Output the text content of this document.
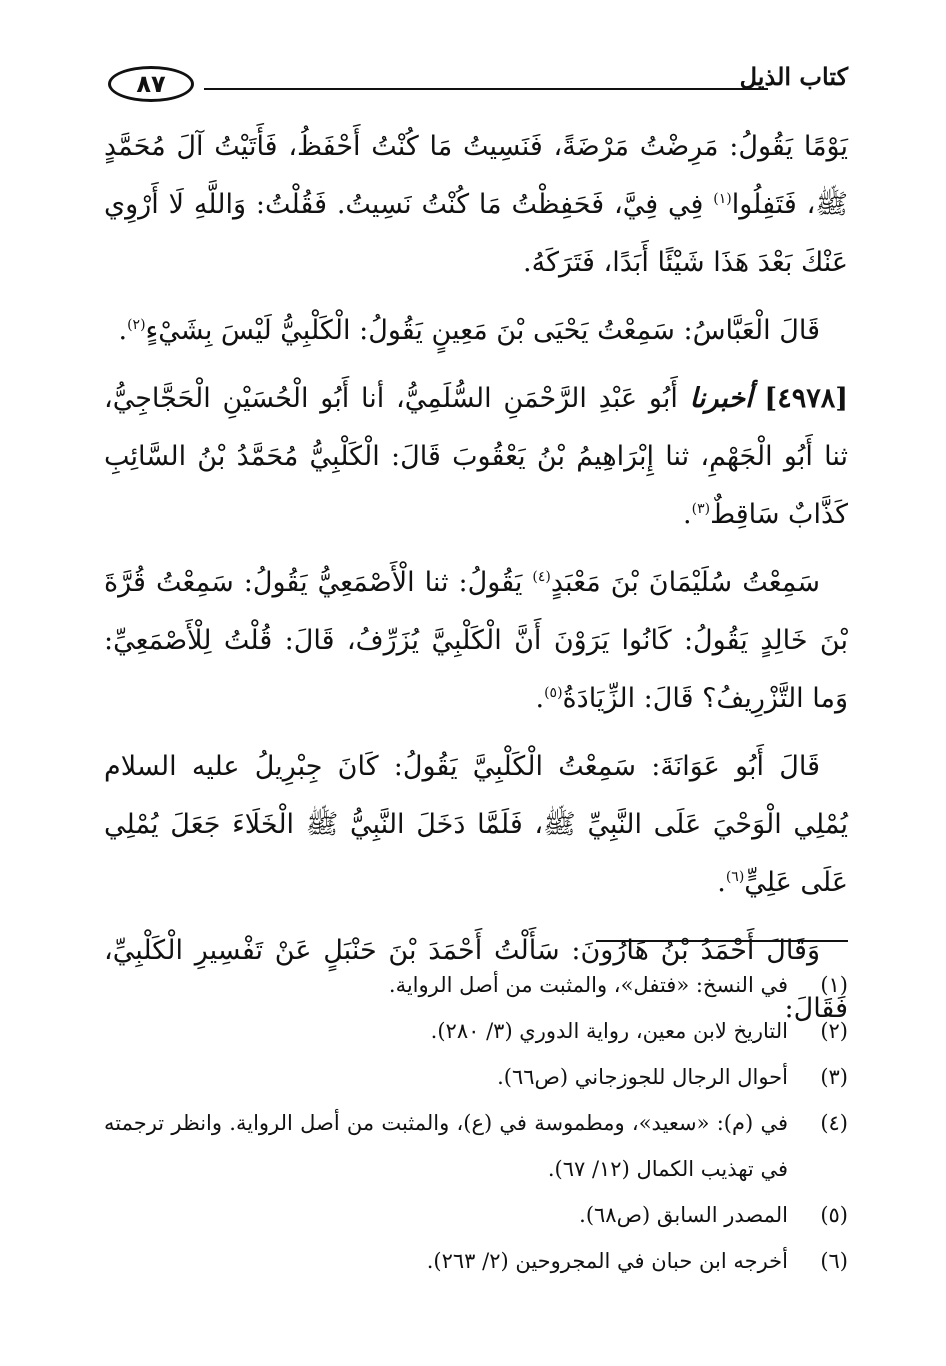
٨٧	كتاب الذيل
يَوْمًا يَقُولُ: مَرِضْتُ مَرْضَةً، فَنَسِيتُ مَا كُنْتُ أَحْفَظُ، فَأَتَيْتُ آلَ مُحَمَّدٍ ﷺ، فَتَفِلُوا$^{(١)}$ فِي فِيَّ، فَحَفِظْتُ مَا كُنْتُ نَسِيتُ. فَقُلْتُ: وَاللَّهِ لَا أَرْوِي عَنْكَ بَعْدَ هَذَا شَيْئًا أَبَدًا، فَتَرَكَهُ.
قَالَ الْعَبَّاسُ: سَمِعْتُ يَحْيَى بْنَ مَعِينٍ يَقُولُ: الْكَلْبِيُّ لَيْسَ بِشَيْءٍ$^{(٢)}$.
[٤٩٧٨] أخبرنا أَبُو عَبْدِ الرَّحْمَنِ السُّلَمِيُّ، أنا أَبُو الْحُسَيْنِ الْحَجَّاجِيُّ، ثنا أَبُو الْجَهْمِ، ثنا إِبْرَاهِيمُ بْنُ يَعْقُوبَ قَالَ: الْكَلْبِيُّ مُحَمَّدُ بْنُ السَّائِبِ كَذَّابٌ سَاقِطٌ$^{(٣)}$.
سَمِعْتُ سُلَيْمَانَ بْنَ مَعْبَدٍ$^{(٤)}$ يَقُولُ: ثنا الْأَصْمَعِيُّ يَقُولُ: سَمِعْتُ قُرَّةَ بْنَ خَالِدٍ يَقُولُ: كَانُوا يَرَوْنَ أَنَّ الْكَلْبِيَّ يُزَرِّفُ، قَالَ: قُلْتُ لِلْأَصْمَعِيِّ: وَما التَّزْرِيفُ؟ قَالَ: الزِّيَادَةُ$^{(٥)}$.
قَالَ أَبُو عَوَانَةَ: سَمِعْتُ الْكَلْبِيَّ يَقُولُ: كَانَ جِبْرِيلُ عليه السلام يُمْلِي الْوَحْيَ عَلَى النَّبِيِّ ﷺ، فَلَمَّا دَخَلَ النَّبِيُّ ﷺ الْخَلَاءَ جَعَلَ يُمْلِي عَلَى عَلِيٍّ$^{(٦)}$.
وَقَالَ أَحْمَدُ بْنُ هَارُونَ: سَأَلْتُ أَحْمَدَ بْنَ حَنْبَلٍ عَنْ تَفْسِيرِ الْكَلْبِيِّ، فَقَالَ:
(١)
في النسخ: «فتفل»، والمثبت من أصل الرواية.
(٢)
التاريخ لابن معين، رواية الدوري (٣/ ٢٨٠).
(٣)
أحوال الرجال للجوزجاني (ص٦٦).
(٤)
في (م): «سعيد»، ومطموسة في (ع)، والمثبت من أصل الرواية. وانظر ترجمته في تهذيب الكمال (١٢/ ٦٧).
(٥)
المصدر السابق (ص٦٨).
(٦)
أخرجه ابن حبان في المجروحين (٢/ ٢٦٣).
